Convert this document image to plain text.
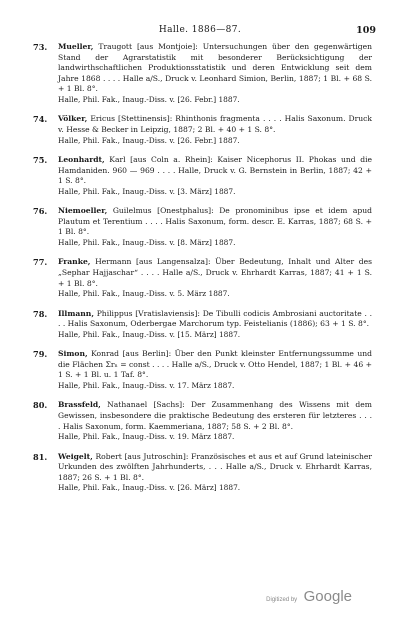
Halle. 1886—87.	109
73.	Mueller, Traugott [aus Montjoie]: Untersuchungen über den gegenwärtigen Stand der Agrarstatistik mit besonderer Berücksichtigung der landwirthschaftlichen Produktionsstatistik und deren Entwicklung seit dem Jahre 1868 . . . . Halle a/S., Druck v. Leonhard Simion, Berlin, 1887; 1 Bl. + 68 S. + 1 Bl. 8°.

Halle, Phil. Fak., Inaug.-Diss. v. [26. Febr.] 1887.

74.	Völker, Ericus [Stettinensis]: Rhinthonis fragmenta . . . . Halis Saxonum. Druck v. Hesse & Becker in Leipzig, 1887; 2 Bl. + 40 + 1 S. 8°.

Halle, Phil. Fak., Inaug.-Diss. v. [26. Febr.] 1887.

75.	Leonhardt, Karl [aus Coln a. Rhein]: Kaiser Nicephorus II. Phokas und die Hamdaniden. 960 — 969 . . . . Halle, Druck v. G. Bernstein in Berlin, 1887; 42 + 1 S. 8°.

Halle, Phil. Fak., Inaug.-Diss. v. [3. März] 1887.

76.	Niemoeller, Guilelmus [Onestphalus]: De pronominibus ipse et idem apud Plautum et Terentium . . . . Halis Saxonum, form. descr. E. Karras, 1887; 68 S. + 1 Bl. 8°.

Halle, Phil. Fak., Inaug.-Diss. v. [8. März] 1887.

77.	Franke, Hermann [aus Langensalza]: Über Bedeutung, Inhalt und Alter des „Sephar Hajjaschar“ . . . . Halle a/S., Druck v. Ehrhardt Karras, 1887; 41 + 1 S. + 1 Bl. 8°.

Halle, Phil. Fak., Inaug.-Diss. v. 5. März 1887.

78.	Illmann, Philippus [Vratislaviensis]: De Tibulli codicis Ambrosiani auctoritate . . . . Halis Saxonum, Oderbergae Marchorum typ. Feistelianis (1886); 63 + 1 S. 8°.

Halle, Phil. Fak., Inaug.-Diss. v. [15. März] 1887.

79.	Simon, Konrad [aus Berlin]: Über den Punkt kleinster Entfernungssumme und die Flächen Σrₙ = const . . . . Halle a/S., Druck v. Otto Hendel, 1887; 1 Bl. + 46 + 1 S. + 1 Bl. u. 1 Taf. 8°.

Halle, Phil. Fak., Inaug.-Diss. v. 17. März 1887.

80.	Brassfeld, Nathanael [Sachs]: Der Zusammenhang des Wissens mit dem Gewissen, insbesondere die praktische Bedeutung des ersteren für letzteres . . . . Halis Saxonum, form. Kaemmeriana, 1887; 58 S. + 2 Bl. 8°.

Halle, Phil. Fak., Inaug.-Diss. v. 19. März 1887.

81.	Weigelt, Robert [aus Jutroschin]: Französisches et aus et auf Grund lateinischer Urkunden des zwölften Jahrhunderts, . . . Halle a/S., Druck v. Ehrhardt Karras, 1887; 26 S. + 1 Bl. 8°.

Halle, Phil. Fak., Inaug.-Diss. v. [26. März] 1887.

Digitized by Google
